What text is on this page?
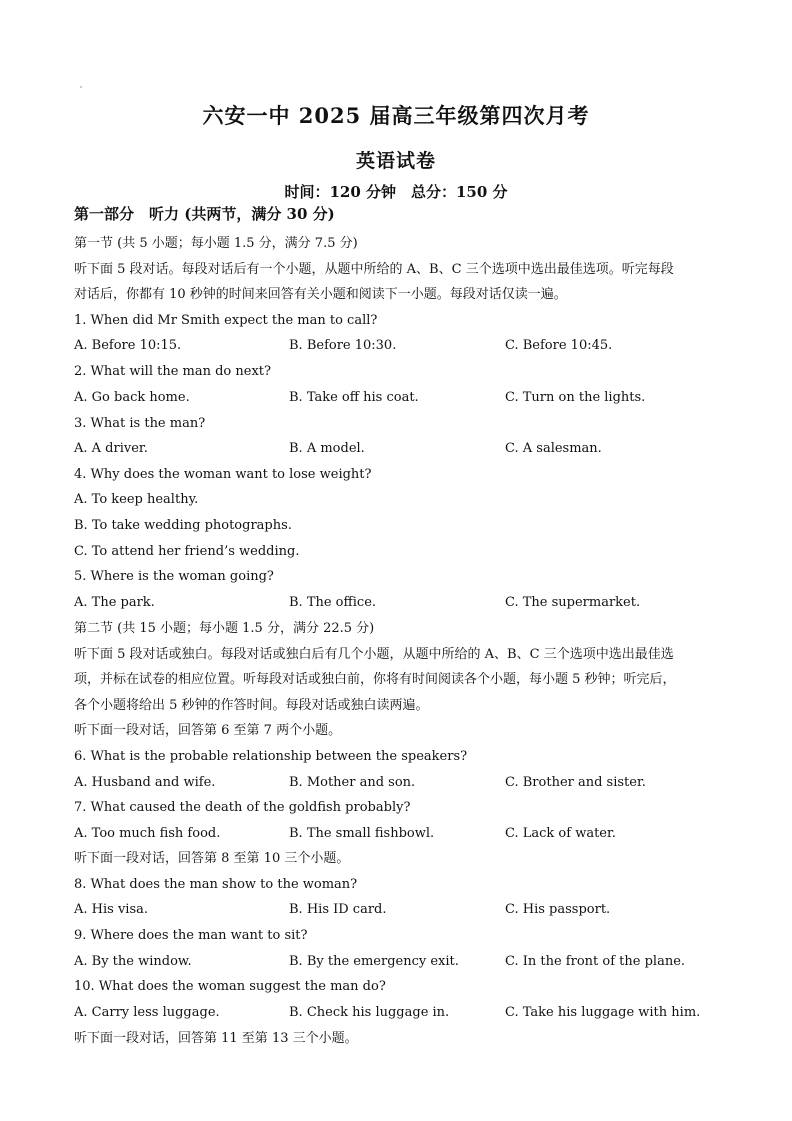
六安一中 2025 届高三年级第四次月考
英语试卷
时间：120 分钟　总分：150 分
第一部分　听力 (共两节，满分 30 分)
第一节 (共 5 小题；每小题 1.5 分，满分 7.5 分)
听下面 5 段对话。每段对话后有一个小题，从题中所给的 A、B、C 三个选项中选出最佳选项。听完每段
对话后，你都有 10 秒钟的时间来回答有关小题和阅读下一小题。每段对话仅读一遍。
1. When did Mr Smith expect the man to call?
A. Before 10:15.	B. Before 10:30.	C. Before 10:45.
2. What will the man do next?
A. Go back home.	B. Take off his coat.	C. Turn on the lights.
3. What is the man?
A. A driver.	B. A model.	C. A salesman.
4. Why does the woman want to lose weight?
A. To keep healthy.
B. To take wedding photographs.
C. To attend her friend’s wedding.
5. Where is the woman going?
A. The park.	B. The office.	C. The supermarket.
第二节 (共 15 小题；每小题 1.5 分，满分 22.5 分)
听下面 5 段对话或独白。每段对话或独白后有几个小题，从题中所给的 A、B、C 三个选项中选出最佳选
项，并标在试卷的相应位置。听每段对话或独白前，你将有时间阅读各个小题，每小题 5 秒钟；听完后，
各个小题将给出 5 秒钟的作答时间。每段对话或独白读两遍。
听下面一段对话，回答第 6 至第 7 两个小题。
6. What is the probable relationship between the speakers?
A. Husband and wife.	B. Mother and son.	C. Brother and sister.
7. What caused the death of the goldfish probably?
A. Too much fish food.	B. The small fishbowl.	C. Lack of water.
听下面一段对话，回答第 8 至第 10 三个小题。
8. What does the man show to the woman?
A. His visa.	B. His ID card.	C. His passport.
9. Where does the man want to sit?
A. By the window.	B. By the emergency exit.	C. In the front of the plane.
10. What does the woman suggest the man do?
A. Carry less luggage.	B. Check his luggage in.	C. Take his luggage with him.
听下面一段对话，回答第 11 至第 13 三个小题。
